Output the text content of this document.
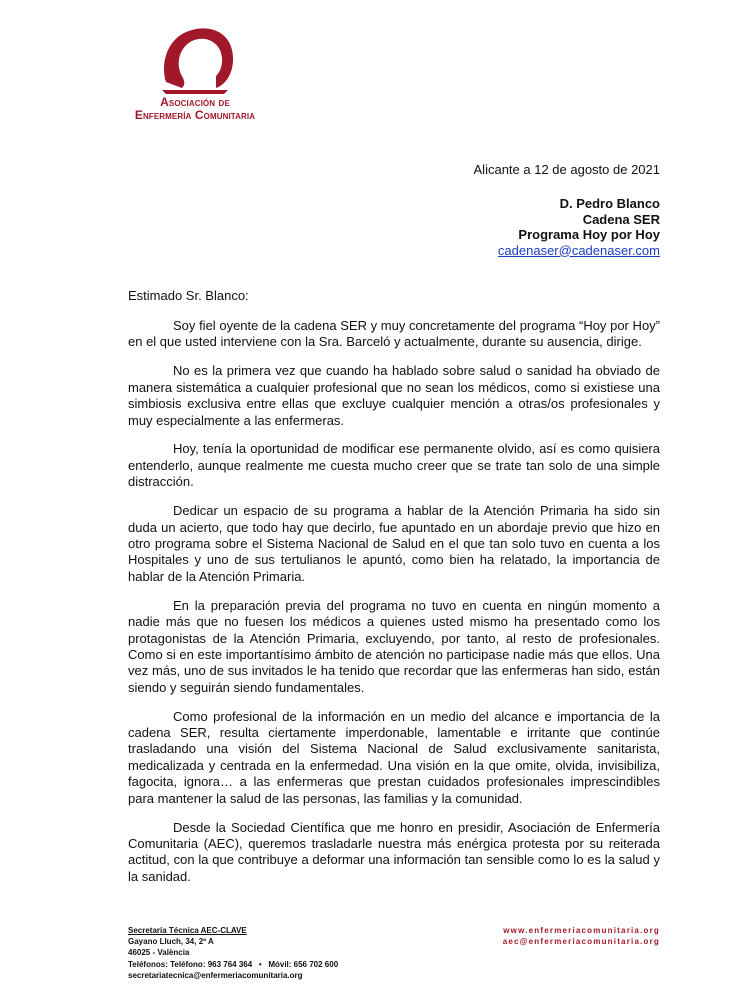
Asociación de
Enfermería Comunitaria
Alicante a 12 de agosto de 2021
D. Pedro Blanco
Cadena SER
Programa Hoy por Hoy
cadenaser@cadenaser.com
Estimado Sr. Blanco:

Soy fiel oyente de la cadena SER y muy concretamente del programa “Hoy por Hoy” en el que usted interviene con la Sra. Barceló y actualmente, durante su ausencia, dirige.

No es la primera vez que cuando ha hablado sobre salud o sanidad ha obviado de manera sistemática a cualquier profesional que no sean los médicos, como si existiese una simbiosis exclusiva entre ellas que excluye cualquier mención a otras/os profesionales y muy especialmente a las enfermeras.

Hoy, tenía la oportunidad de modificar ese permanente olvido, así es como quisiera entenderlo, aunque realmente me cuesta mucho creer que se trate tan solo de una simple distracción.

Dedicar un espacio de su programa a hablar de la Atención Primaria ha sido sin duda un acierto, que todo hay que decirlo, fue apuntado en un abordaje previo que hizo en otro programa sobre el Sistema Nacional de Salud en el que tan solo tuvo en cuenta a los Hospitales y uno de sus tertulianos le apuntó, como bien ha relatado, la importancia de hablar de la Atención Primaria.

En la preparación previa del programa no tuvo en cuenta en ningún momento a nadie más que no fuesen los médicos a quienes usted mismo ha presentado como los protagonistas de la Atención Primaria, excluyendo, por tanto, al resto de profesionales. Como si en este importantísimo ámbito de atención no participase nadie más que ellos. Una vez más, uno de sus invitados le ha tenido que recordar que las enfermeras han sido, están siendo y seguirán siendo fundamentales.

Como profesional de la información en un medio del alcance e importancia de la cadena SER, resulta ciertamente imperdonable, lamentable e irritante que continúe trasladando una visión del Sistema Nacional de Salud exclusivamente sanitarista, medicalizada y centrada en la enfermedad. Una visión en la que omite, olvida, invisibiliza, fagocita, ignora… a las enfermeras que prestan cuidados profesionales imprescindibles para mantener la salud de las personas, las familias y la comunidad.

Desde la Sociedad Científica que me honro en presidir, Asociación de Enfermería Comunitaria (AEC), queremos trasladarle nuestra más enérgica protesta por su reiterada actitud, con la que contribuye a deformar una información tan sensible como lo es la salud y la sanidad.

Secretaría Técnica AEC-CLAVE
Gayano Lluch, 34, 2º A
46025 - València
Teléfonos: Teléfono: 963 764 364   •   Móvil: 656 702 600
secretariatecnica@enfermeriacomunitaria.org
www.enfermeriacomunitaria.org
aec@enfermeriacomunitaria.org
